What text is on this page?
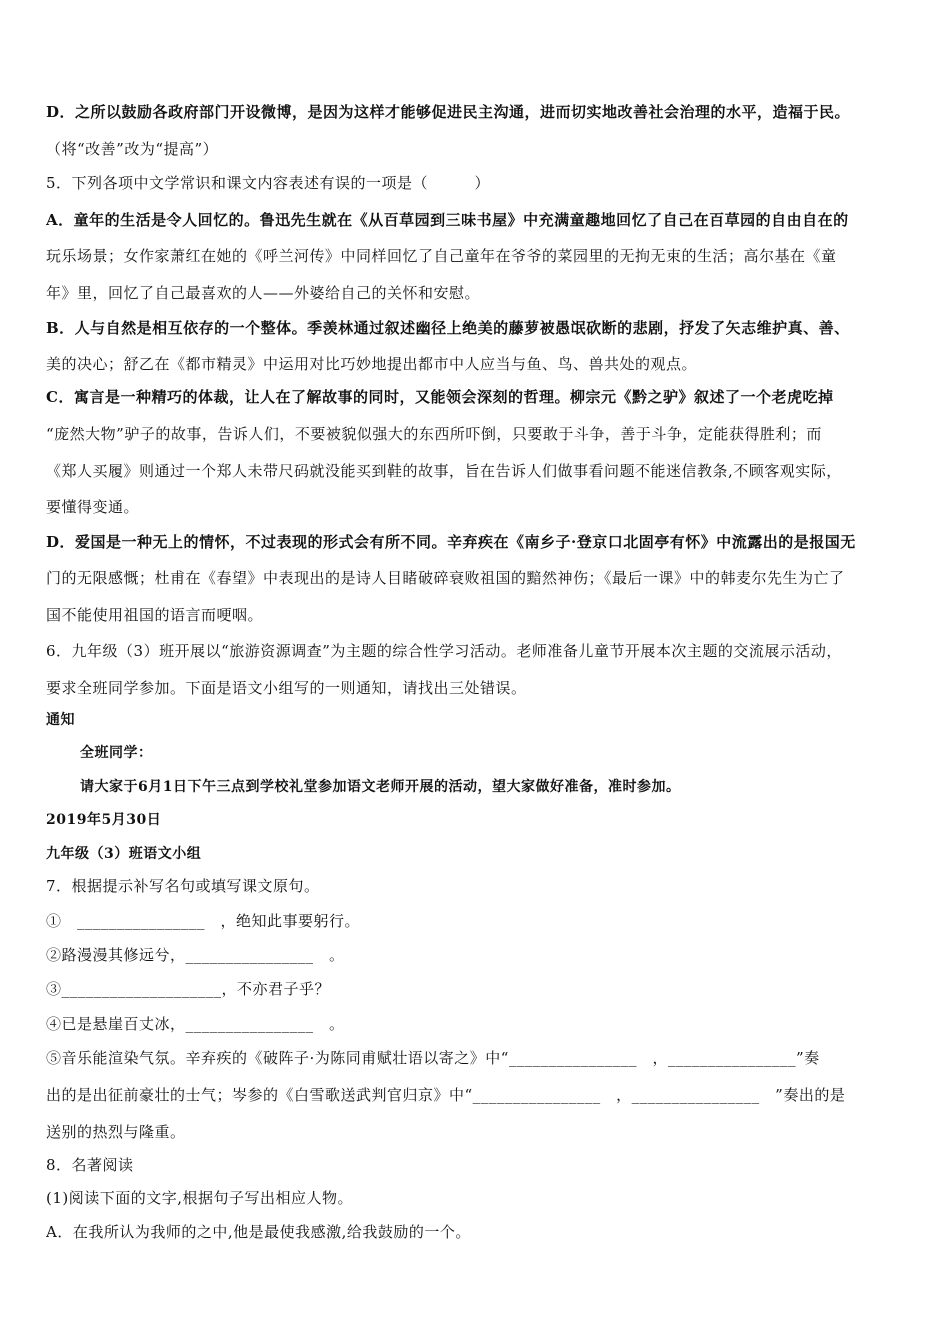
D．之所以鼓励各政府部门开设微博，是因为这样才能够促进民主沟通，进而切实地改善社会治理的水平，造福于民。
（将“改善”改为“提高”）
5．下列各项中文学常识和课文内容表述有误的一项是（　　　）
A．童年的生活是令人回忆的。鲁迅先生就在《从百草园到三味书屋》中充满童趣地回忆了自己在百草园的自由自在的
玩乐场景；女作家萧红在她的《呼兰河传》中同样回忆了自己童年在爷爷的菜园里的无拘无束的生活；高尔基在《童
年》里，回忆了自己最喜欢的人——外婆给自己的关怀和安慰。
B．人与自然是相互依存的一个整体。季羡林通过叙述幽径上绝美的藤萝被愚氓砍断的悲剧，抒发了矢志维护真、善、
美的决心；舒乙在《都市精灵》中运用对比巧妙地提出都市中人应当与鱼、鸟、兽共处的观点。
C．寓言是一种精巧的体裁，让人在了解故事的同时，又能领会深刻的哲理。柳宗元《黔之驴》叙述了一个老虎吃掉
“庞然大物”驴子的故事，告诉人们，不要被貌似强大的东西所吓倒，只要敢于斗争，善于斗争，定能获得胜利；而
《郑人买履》则通过一个郑人未带尺码就没能买到鞋的故事，旨在告诉人们做事看问题不能迷信教条,不顾客观实际，
要懂得变通。
D．爱国是一种无上的情怀，不过表现的形式会有所不同。辛弃疾在《南乡子·登京口北固亭有怀》中流露出的是报国无
门的无限感慨；杜甫在《春望》中表现出的是诗人目睹破碎衰败祖国的黯然神伤；《最后一课》中的韩麦尔先生为亡了
国不能使用祖国的语言而哽咽。
6．九年级（3）班开展以“旅游资源调查”为主题的综合性学习活动。老师准备儿童节开展本次主题的交流展示活动，
要求全班同学参加。下面是语文小组写的一则通知，请找出三处错误。
通知
全班同学：
请大家于6月1日下午三点到学校礼堂参加语文老师开展的活动，望大家做好准备，准时参加。
2019年5月30日
九年级（3）班语文小组
7．根据提示补写名句或填写课文原句。
①　________________　，绝知此事要躬行。
②路漫漫其修远兮，________________　。
③____________________，不亦君子乎？
④已是悬崖百丈冰，________________　。
⑤音乐能渲染气氛。辛弃疾的《破阵子·为陈同甫赋壮语以寄之》中“________________　，________________”奏
出的是出征前豪壮的士气；岑参的《白雪歌送武判官归京》中“________________　，________________　”奏出的是
送别的热烈与隆重。
8．名著阅读
(1)阅读下面的文字,根据句子写出相应人物。
A．在我所认为我师的之中,他是最使我感激,给我鼓励的一个。
